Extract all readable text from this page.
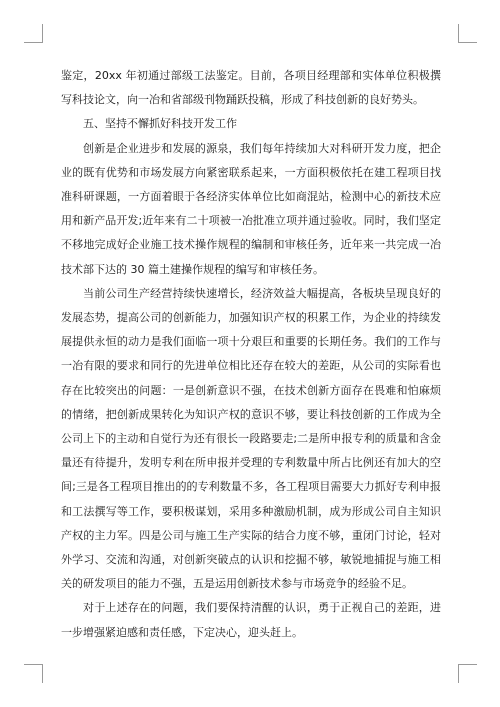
鉴定，20xx 年初通过部级工法鉴定。目前，各项目经理部和实体单位积极撰写科技论文，向一冶和省部级刊物踊跃投稿，形成了科技创新的良好势头。

五、坚持不懈抓好科技开发工作

创新是企业进步和发展的源泉，我们每年持续加大对科研开发力度，把企业的既有优势和市场发展方向紧密联系起来，一方面积极依托在建工程项目找准科研课题，一方面着眼于各经济实体单位比如商混站，检测中心的新技术应用和新产品开发;近年来有二十项被一冶批准立项并通过验收。同时，我们坚定不移地完成好企业施工技术操作规程的编制和审核任务，近年来一共完成一冶技术部下达的 30 篇土建操作规程的编写和审核任务。

当前公司生产经营持续快速增长，经济效益大幅提高，各板块呈现良好的发展态势，提高公司的创新能力，加强知识产权的积累工作，为企业的持续发展提供永恒的动力是我们面临一项十分艰巨和重要的长期任务。我们的工作与一冶有限的要求和同行的先进单位相比还存在较大的差距，从公司的实际看也存在比较突出的问题：一是创新意识不强，在技术创新方面存在畏难和怕麻烦的情绪，把创新成果转化为知识产权的意识不够，要让科技创新的工作成为全公司上下的主动和自觉行为还有很长一段路要走;二是所申报专利的质量和含金量还有待提升，发明专利在所申报并受理的专利数量中所占比例还有加大的空间;三是各工程项目推出的的专利数量不多，各工程项目需要大力抓好专利申报和工法撰写等工作，要积极谋划，采用多种激励机制，成为形成公司自主知识产权的主力军。四是公司与施工生产实际的结合力度不够，重闭门讨论，轻对外学习、交流和沟通，对创新突破点的认识和挖掘不够，敏锐地捕捉与施工相关的研发项目的能力不强，五是运用创新技术参与市场竞争的经验不足。

对于上述存在的问题，我们要保持清醒的认识，勇于正视自己的差距，进一步增强紧迫感和责任感，下定决心，迎头赶上。
